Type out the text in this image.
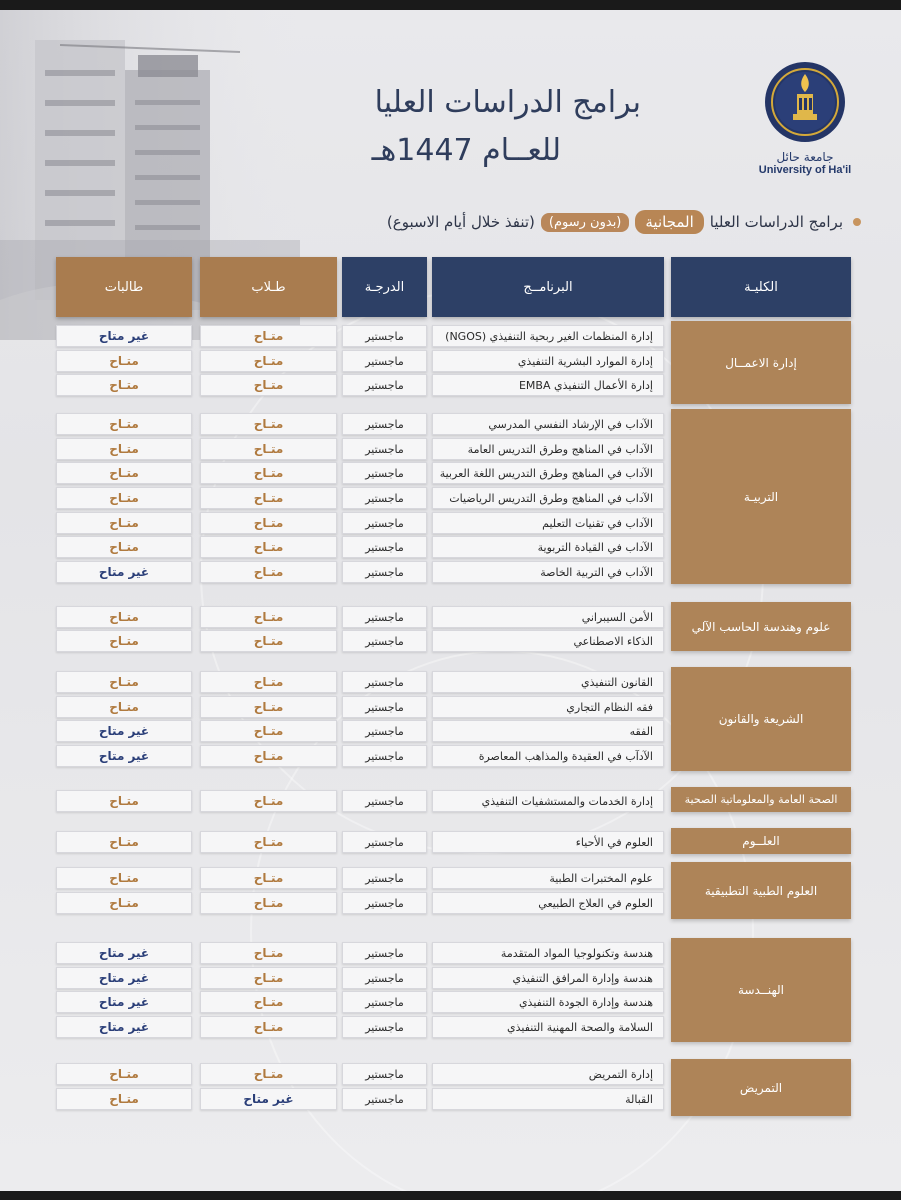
جامعة حائل
University of Ha'il
برامج الدراسات العليا
للعــام 1447هـ
برامج الدراسات العليا
المجانية
(بدون رسوم)
(تنفذ خلال أيام الاسبوع)
الكليـة
البرنامــج
الدرجـة
طـلاب
طالبات
إدارة الاعمــال
التربيـة
علوم وهندسة الحاسب الآلي
الشريعة والقانون
الصحة العامة والمعلوماتية الصحية
العلــوم
العلوم الطبية التطبيقية
الهنــدسة
التمريض
إدارة المنظمات الغير ربحية التنفيذي (NGOS)
ماجستير
متـاح
غير متاح
إدارة الموارد البشرية التنفيذي
ماجستير
متـاح
متـاح
إدارة الأعمال التنفيذي EMBA
ماجستير
متـاح
متـاح
الآداب في الإرشاد النفسي المدرسي
ماجستير
متـاح
متـاح
الآداب في المناهج وطرق التدريس العامة
ماجستير
متـاح
متـاح
الآداب في المناهج وطرق التدريس اللغة العربية
ماجستير
متـاح
متـاح
الآداب في المناهج وطرق التدريس الرياضيات
ماجستير
متـاح
متـاح
الآداب في تقنيات التعليم
ماجستير
متـاح
متـاح
الآداب في القيادة التربوية
ماجستير
متـاح
متـاح
الآداب في التربية الخاصة
ماجستير
متـاح
غير متاح
الأمن السيبراني
ماجستير
متـاح
متـاح
الذكاء الاصطناعي
ماجستير
متـاح
متـاح
القانون التنفيذي
ماجستير
متـاح
متـاح
فقه النظام التجاري
ماجستير
متـاح
متـاح
الفقه
ماجستير
متـاح
غير متاح
الآدآب في العقيدة والمذاهب المعاصرة
ماجستير
متـاح
غير متاح
إدارة الخدمات والمستشفيات التنفيذي
ماجستير
متـاح
متـاح
العلوم في الأحياء
ماجستير
متـاح
متـاح
علوم المختبرات الطبية
ماجستير
متـاح
متـاح
العلوم في العلاج الطبيعي
ماجستير
متـاح
متـاح
هندسة وتكنولوجيا المواد المتقدمة
ماجستير
متـاح
غير متاح
هندسة وإدارة المرافق التنفيذي
ماجستير
متـاح
غير متاح
هندسة وإدارة الجودة التنفيذي
ماجستير
متـاح
غير متاح
السلامة والصحة المهنية التنفيذي
ماجستير
متـاح
غير متاح
إدارة التمريض
ماجستير
متـاح
متـاح
القبالة
ماجستير
غير متاح
متـاح
